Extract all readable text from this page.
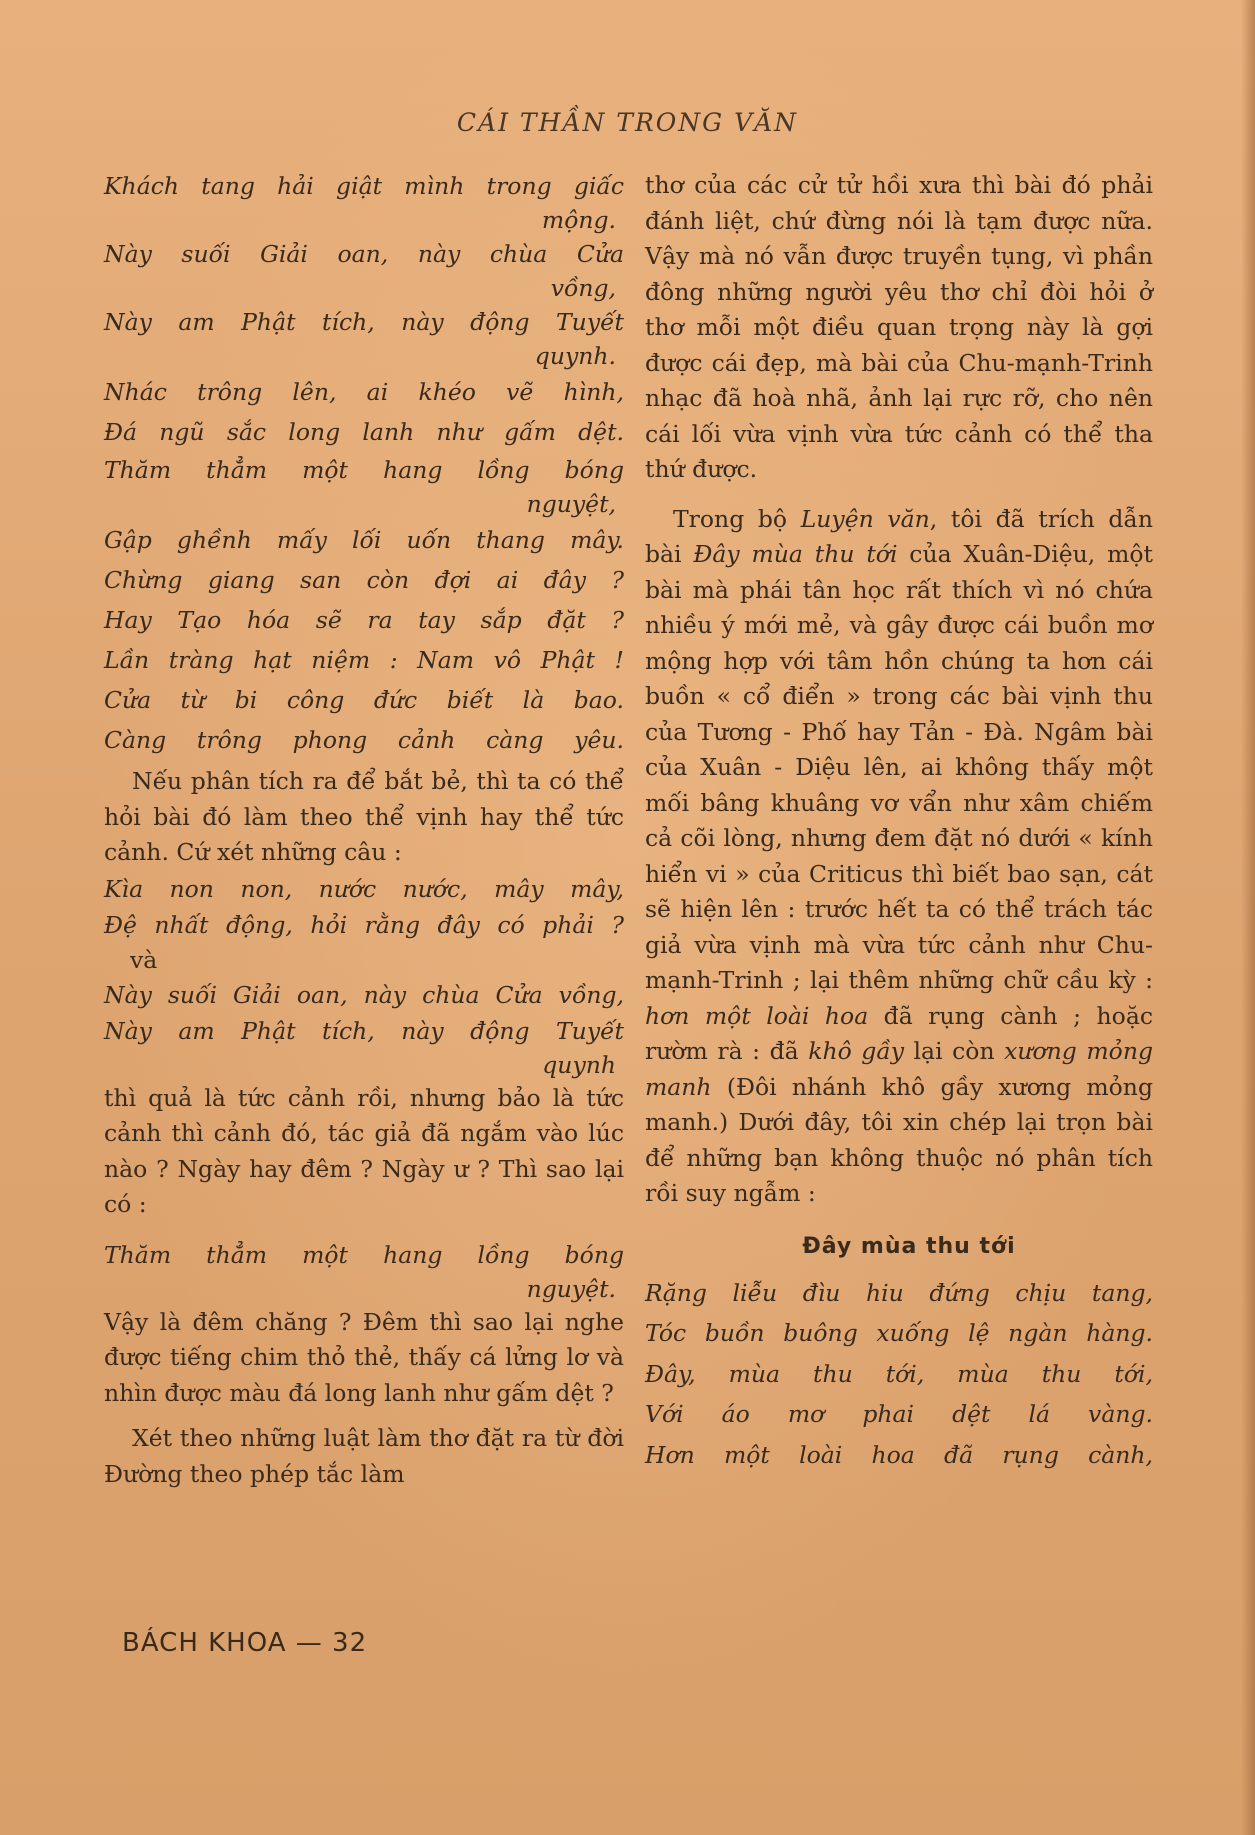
CÁI THẦN TRONG VĂN
Khách tang hải giật mình trong giấc
mộng.
Này suối Giải oan, này chùa Cửa
vồng,
Này am Phật tích, này động Tuyết
quynh.
Nhác trông lên, ai khéo vẽ hình,
Đá ngũ sắc long lanh như gấm dệt.
Thăm thẳm một hang lồng bóng
nguyệt,
Gập ghềnh mấy lối uốn thang mây.
Chừng giang san còn đợi ai đây ?
Hay Tạo hóa sẽ ra tay sắp đặt ?
Lần tràng hạt niệm : Nam vô Phật !
Cửa từ bi công đức biết là bao.
Càng trông phong cảnh càng yêu.

Nếu phân tích ra để bắt bẻ, thì ta có thể hỏi bài đó làm theo thể vịnh hay thể tức cảnh. Cứ xét những câu :

Kìa non non, nước nước, mây mây,
Đệ nhất động, hỏi rằng đây có phải ?
và
Này suối Giải oan, này chùa Cửa vồng,
Này am Phật tích, này động Tuyết
quynh

thì quả là tức cảnh rồi, nhưng bảo là tức cảnh thì cảnh đó, tác giả đã ngắm vào lúc nào ? Ngày hay đêm ? Ngày ư ? Thì sao lại có :

Thăm thẳm một hang lồng bóng
nguyệt.

Vậy là đêm chăng ? Đêm thì sao lại nghe được tiếng chim thỏ thẻ, thấy cá lửng lơ và nhìn được màu đá long lanh như gấm dệt ?

Xét theo những luật làm thơ đặt ra từ đời Đường theo phép tắc làm

thơ của các cử tử hồi xưa thì bài đó phải đánh liệt, chứ đừng nói là tạm được nữa. Vậy mà nó vẫn được truyền tụng, vì phần đông những người yêu thơ chỉ đòi hỏi ở thơ mỗi một điều quan trọng này là gợi được cái đẹp, mà bài của Chu-mạnh-Trinh nhạc đã hoà nhã, ảnh lại rực rỡ, cho nên cái lối vừa vịnh vừa tức cảnh có thể tha thứ được.

Trong bộ Luyện văn, tôi đã trích dẫn bài Đây mùa thu tới của Xuân-Diệu, một bài mà phái tân học rất thích vì nó chứa nhiều ý mới mẻ, và gây được cái buồn mơ mộng hợp với tâm hồn chúng ta hơn cái buồn « cổ điển » trong các bài vịnh thu của Tương - Phố hay Tản - Đà. Ngâm bài của Xuân - Diệu lên, ai không thấy một mối bâng khuâng vơ vẩn như xâm chiếm cả cõi lòng, nhưng đem đặt nó dưới « kính hiển vi » của Criticus thì biết bao sạn, cát sẽ hiện lên : trước hết ta có thể trách tác giả vừa vịnh mà vừa tức cảnh như Chu-mạnh-Trinh ; lại thêm những chữ cầu kỳ : hơn một loài hoa đã rụng cành ; hoặc rườm rà : đã khô gầy lại còn xương mỏng manh (Đôi nhánh khô gầy xương mỏng manh.) Dưới đây, tôi xin chép lại trọn bài để những bạn không thuộc nó phân tích rồi suy ngẫm :

Đây mùa thu tới
Rặng liễu đìu hiu đứng chịu tang,
Tóc buồn buông xuống lệ ngàn hàng.
Đây, mùa thu tới, mùa thu tới,
Với áo mơ phai dệt lá vàng.
Hơn một loài hoa đã rụng cành,
BÁCH KHOA — 32
